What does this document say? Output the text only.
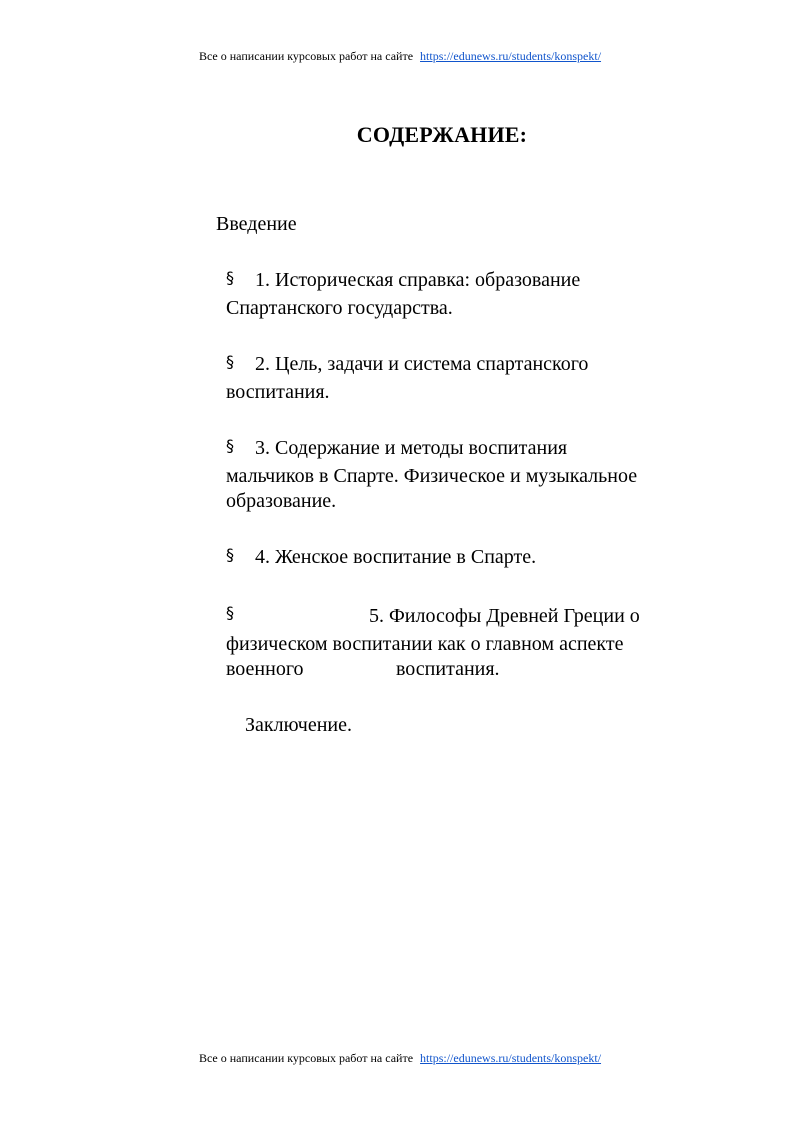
Все о написании курсовых работ на сайте https://edunews.ru/students/konspekt/
СОДЕРЖАНИЕ:
Введение
§ 1. Историческая справка: образование
Спартанского государства.
§ 2. Цель, задачи и система спартанского
воспитания.
§ 3. Содержание и методы воспитания
мальчиков в Спарте. Физическое и музыкальное
образование.
§ 4. Женское воспитание в Спарте.
§	5. Философы Древней Греции о
физическом воспитании как о главном аспекте
военного	воспитания.
Заключение.
Все о написании курсовых работ на сайте https://edunews.ru/students/konspekt/
